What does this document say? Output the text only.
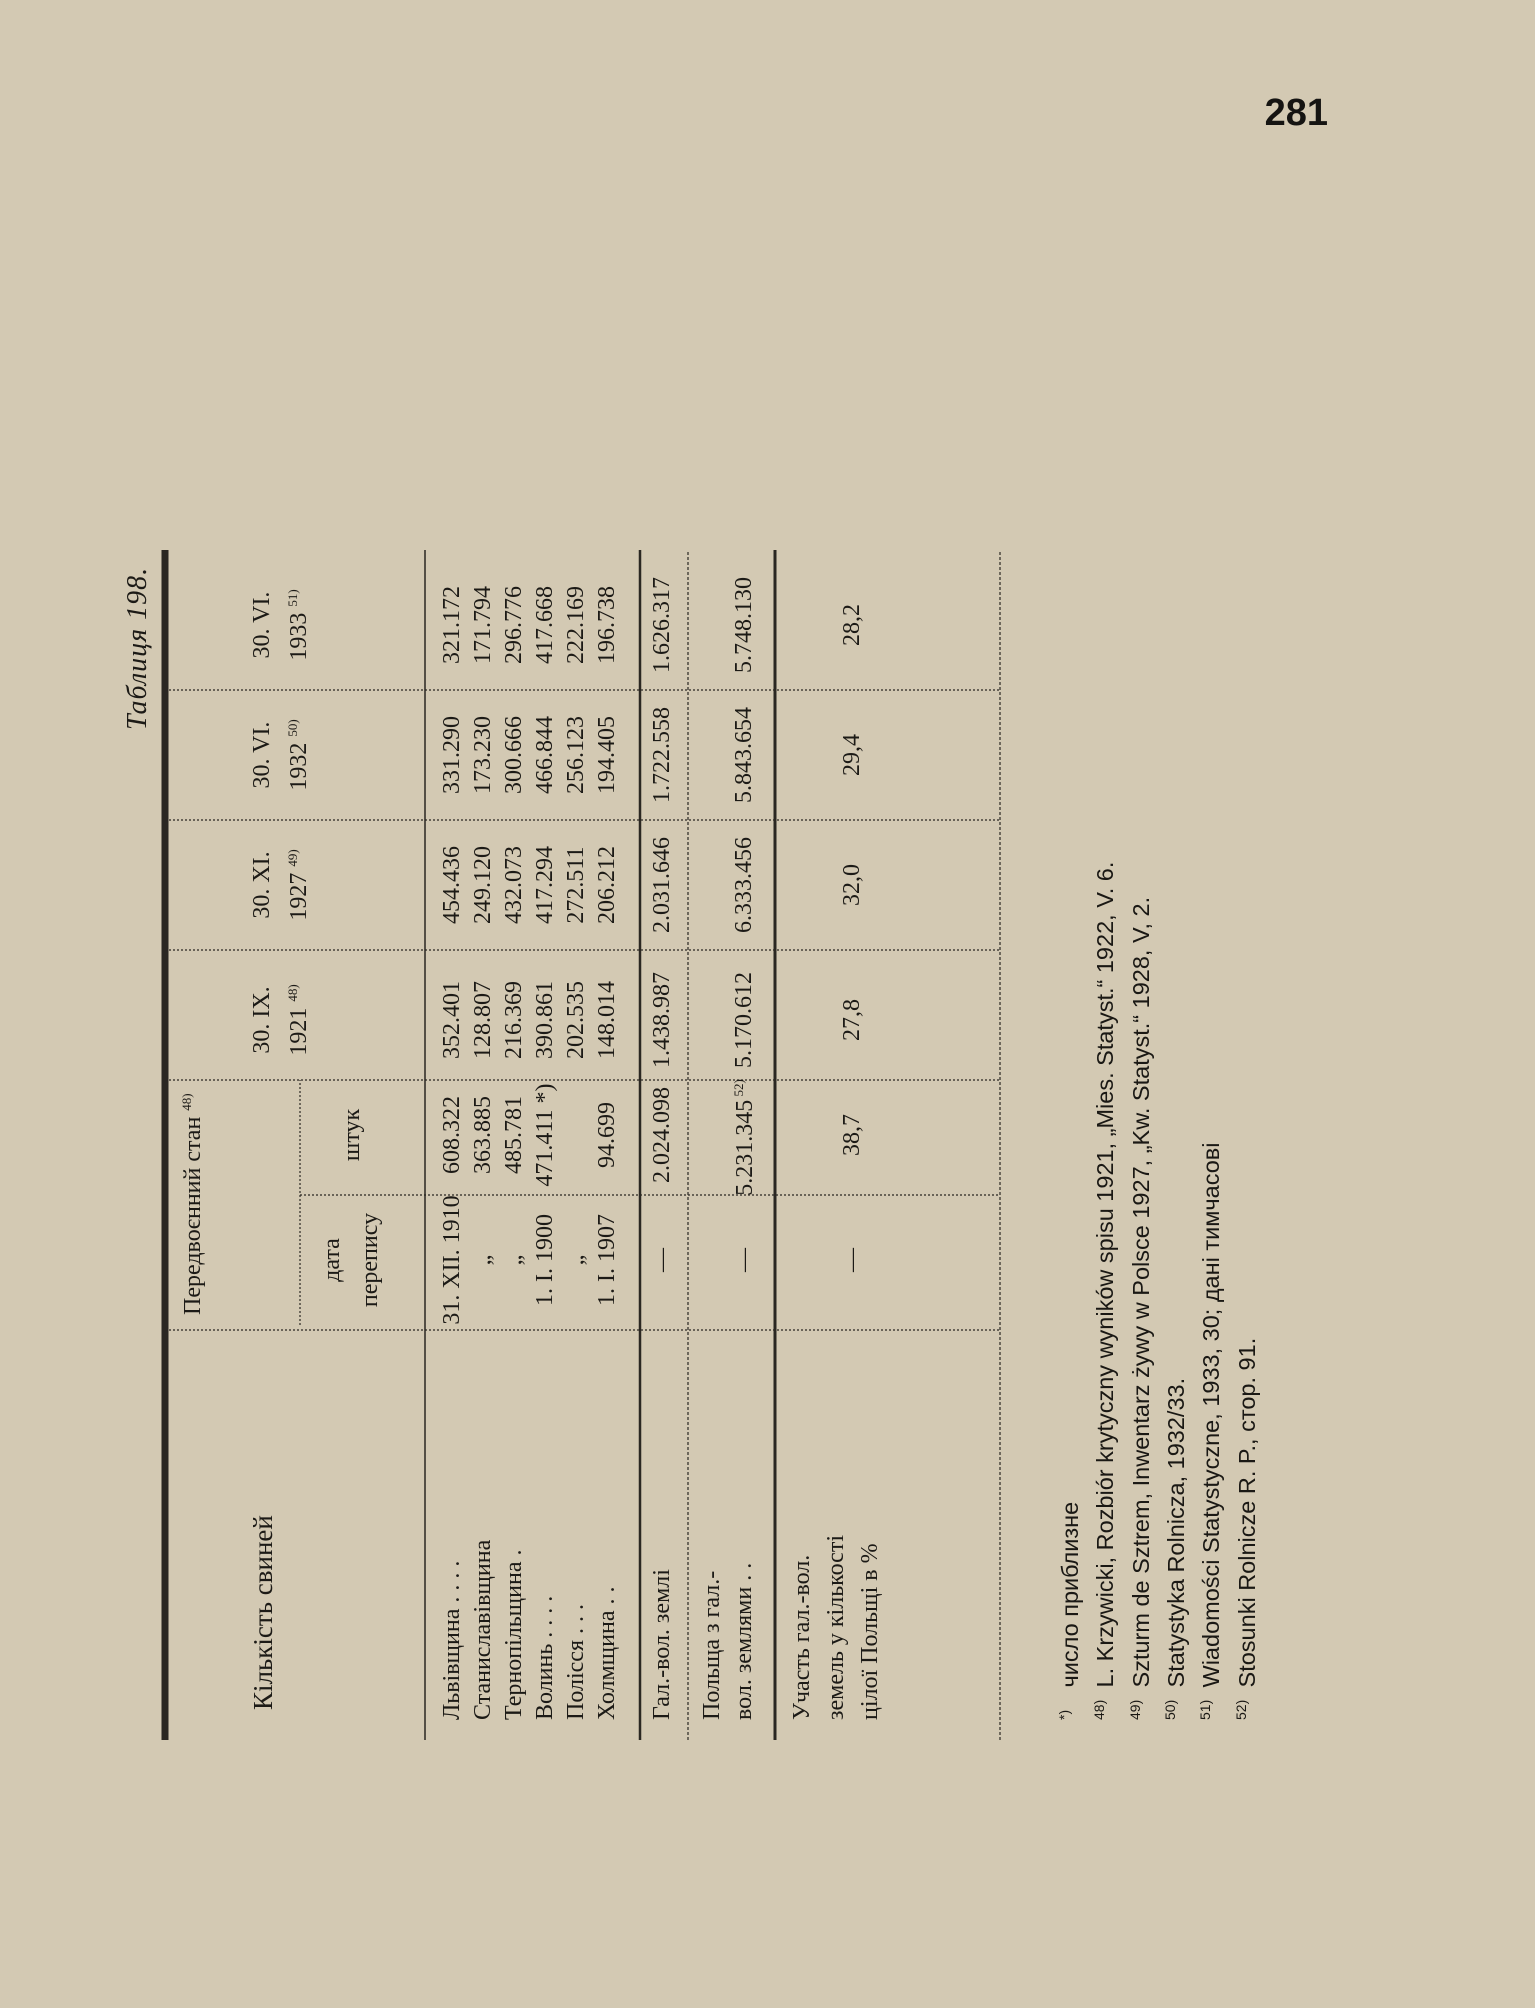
281
Таблиця 198.
Передвоєнний стан $^{48)}$
дата перепису
штук
Кількість свиней
*) число приблизне
48) L. Krzywicki, Rozbiór krytyczny wyników spisu 1921, „Mies. Statyst.“ 1922, V. 6.
49) Szturm de Sztrem, Inwentarz żywy w Polsce 1927, „Kw. Statyst.“ 1928, V, 2.
50) Statystyka Rolnicza, 1932/33.
51) Wiadomości Statystyczne, 1933, 30; дані тимчасові
52) Stosunki Rolnicze R. P., стор. 91.
30. IX. 1921 $^{48)}$
30. XI. 1927 $^{49)}$
30. VI. 1932 $^{50)}$
30. VI. 1933 $^{51)}$
Львівщина . . . .
31. XII. 1910
608.322
352.401
454.436
331.290
321.172
Станиславівщина
„
363.885
128.807
249.120
173.230
171.794
Тернопільщина .
„
485.781
216.369
432.073
300.666
296.776
Волинь . . . .
1. I. 1900
471.411 *)
390.861
417.294
466.844
417.668
Полісся . . .
„
202.535
272.511
256.123
222.169
Холмщина . .
1. I. 1907
94.699
148.014
206.212
194.405
196.738
Гал.-вол. землі
—
2.024.098
1.438.987
2.031.646
1.722.558
1.626.317
Польща з гал.- вол. землями . .
—
5.231.345 $^{52)}$
5.170.612
6.333.456
5.843.654
5.748.130
Участь гал.-вол. земель у кількості цілої Польщі в %
—
38,7
27,8
32,0
29,4
28,2
